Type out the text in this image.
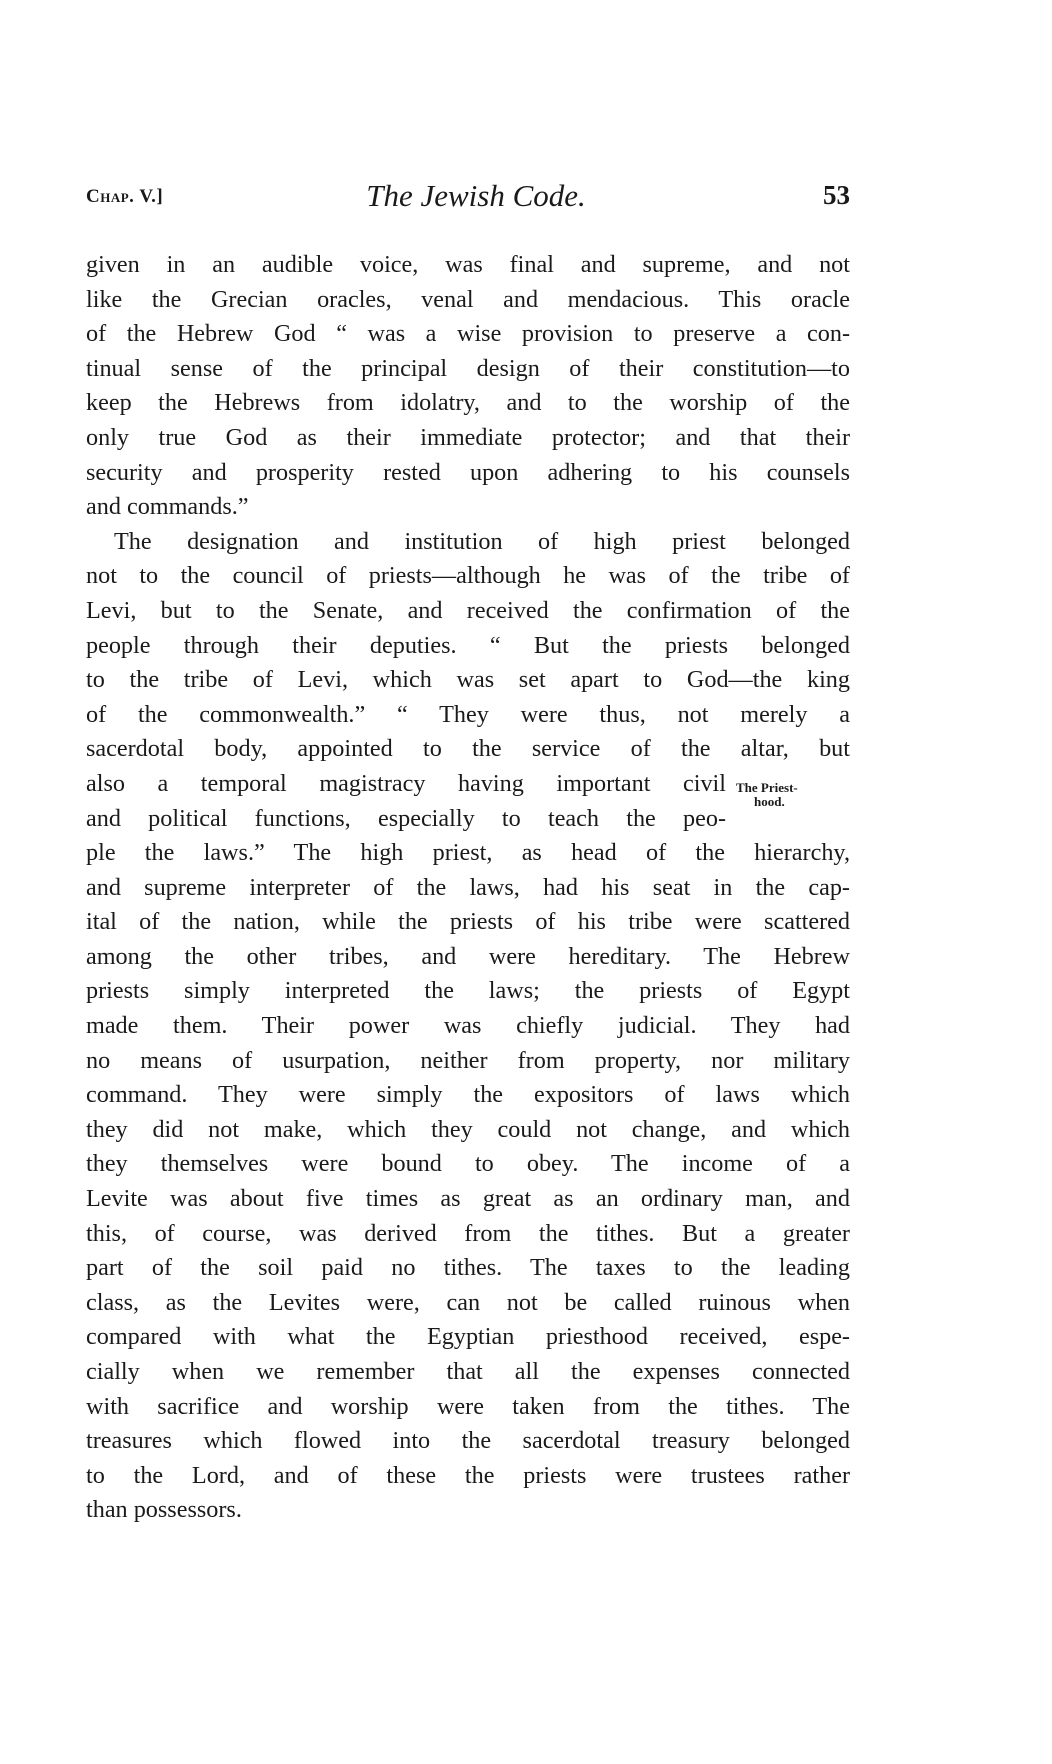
Chap. V.]	The Jewish Code.	53
given in an audible voice, was final and supreme, and not
like the Grecian oracles, venal and mendacious. This oracle
of the Hebrew God “ was a wise provision to preserve a con-
tinual sense of the principal design of their constitution—to
keep the Hebrews from idolatry, and to the worship of the
only true God as their immediate protector; and that their
security and prosperity rested upon adhering to his counsels
and commands.”
The designation and institution of high priest belonged
not to the council of priests—although he was of the tribe of
Levi, but to the Senate, and received the confirmation of the
people through their deputies. “ But the priests belonged
to the tribe of Levi, which was set apart to God—the king
of the commonwealth.” “ They were thus, not merely a
sacerdotal body, appointed to the service of the altar, but
also a temporal magistracy having important civil
and political functions, especially to teach the peo-
The Priest-
hood.
ple the laws.” The high priest, as head of the hierarchy,
and supreme interpreter of the laws, had his seat in the cap-
ital of the nation, while the priests of his tribe were scattered
among the other tribes, and were hereditary. The Hebrew
priests simply interpreted the laws; the priests of Egypt
made them. Their power was chiefly judicial. They had
no means of usurpation, neither from property, nor military
command. They were simply the expositors of laws which
they did not make, which they could not change, and which
they themselves were bound to obey. The income of a
Levite was about five times as great as an ordinary man, and
this, of course, was derived from the tithes. But a greater
part of the soil paid no tithes. The taxes to the leading
class, as the Levites were, can not be called ruinous when
compared with what the Egyptian priesthood received, espe-
cially when we remember that all the expenses connected
with sacrifice and worship were taken from the tithes. The
treasures which flowed into the sacerdotal treasury belonged
to the Lord, and of these the priests were trustees rather
than possessors.
